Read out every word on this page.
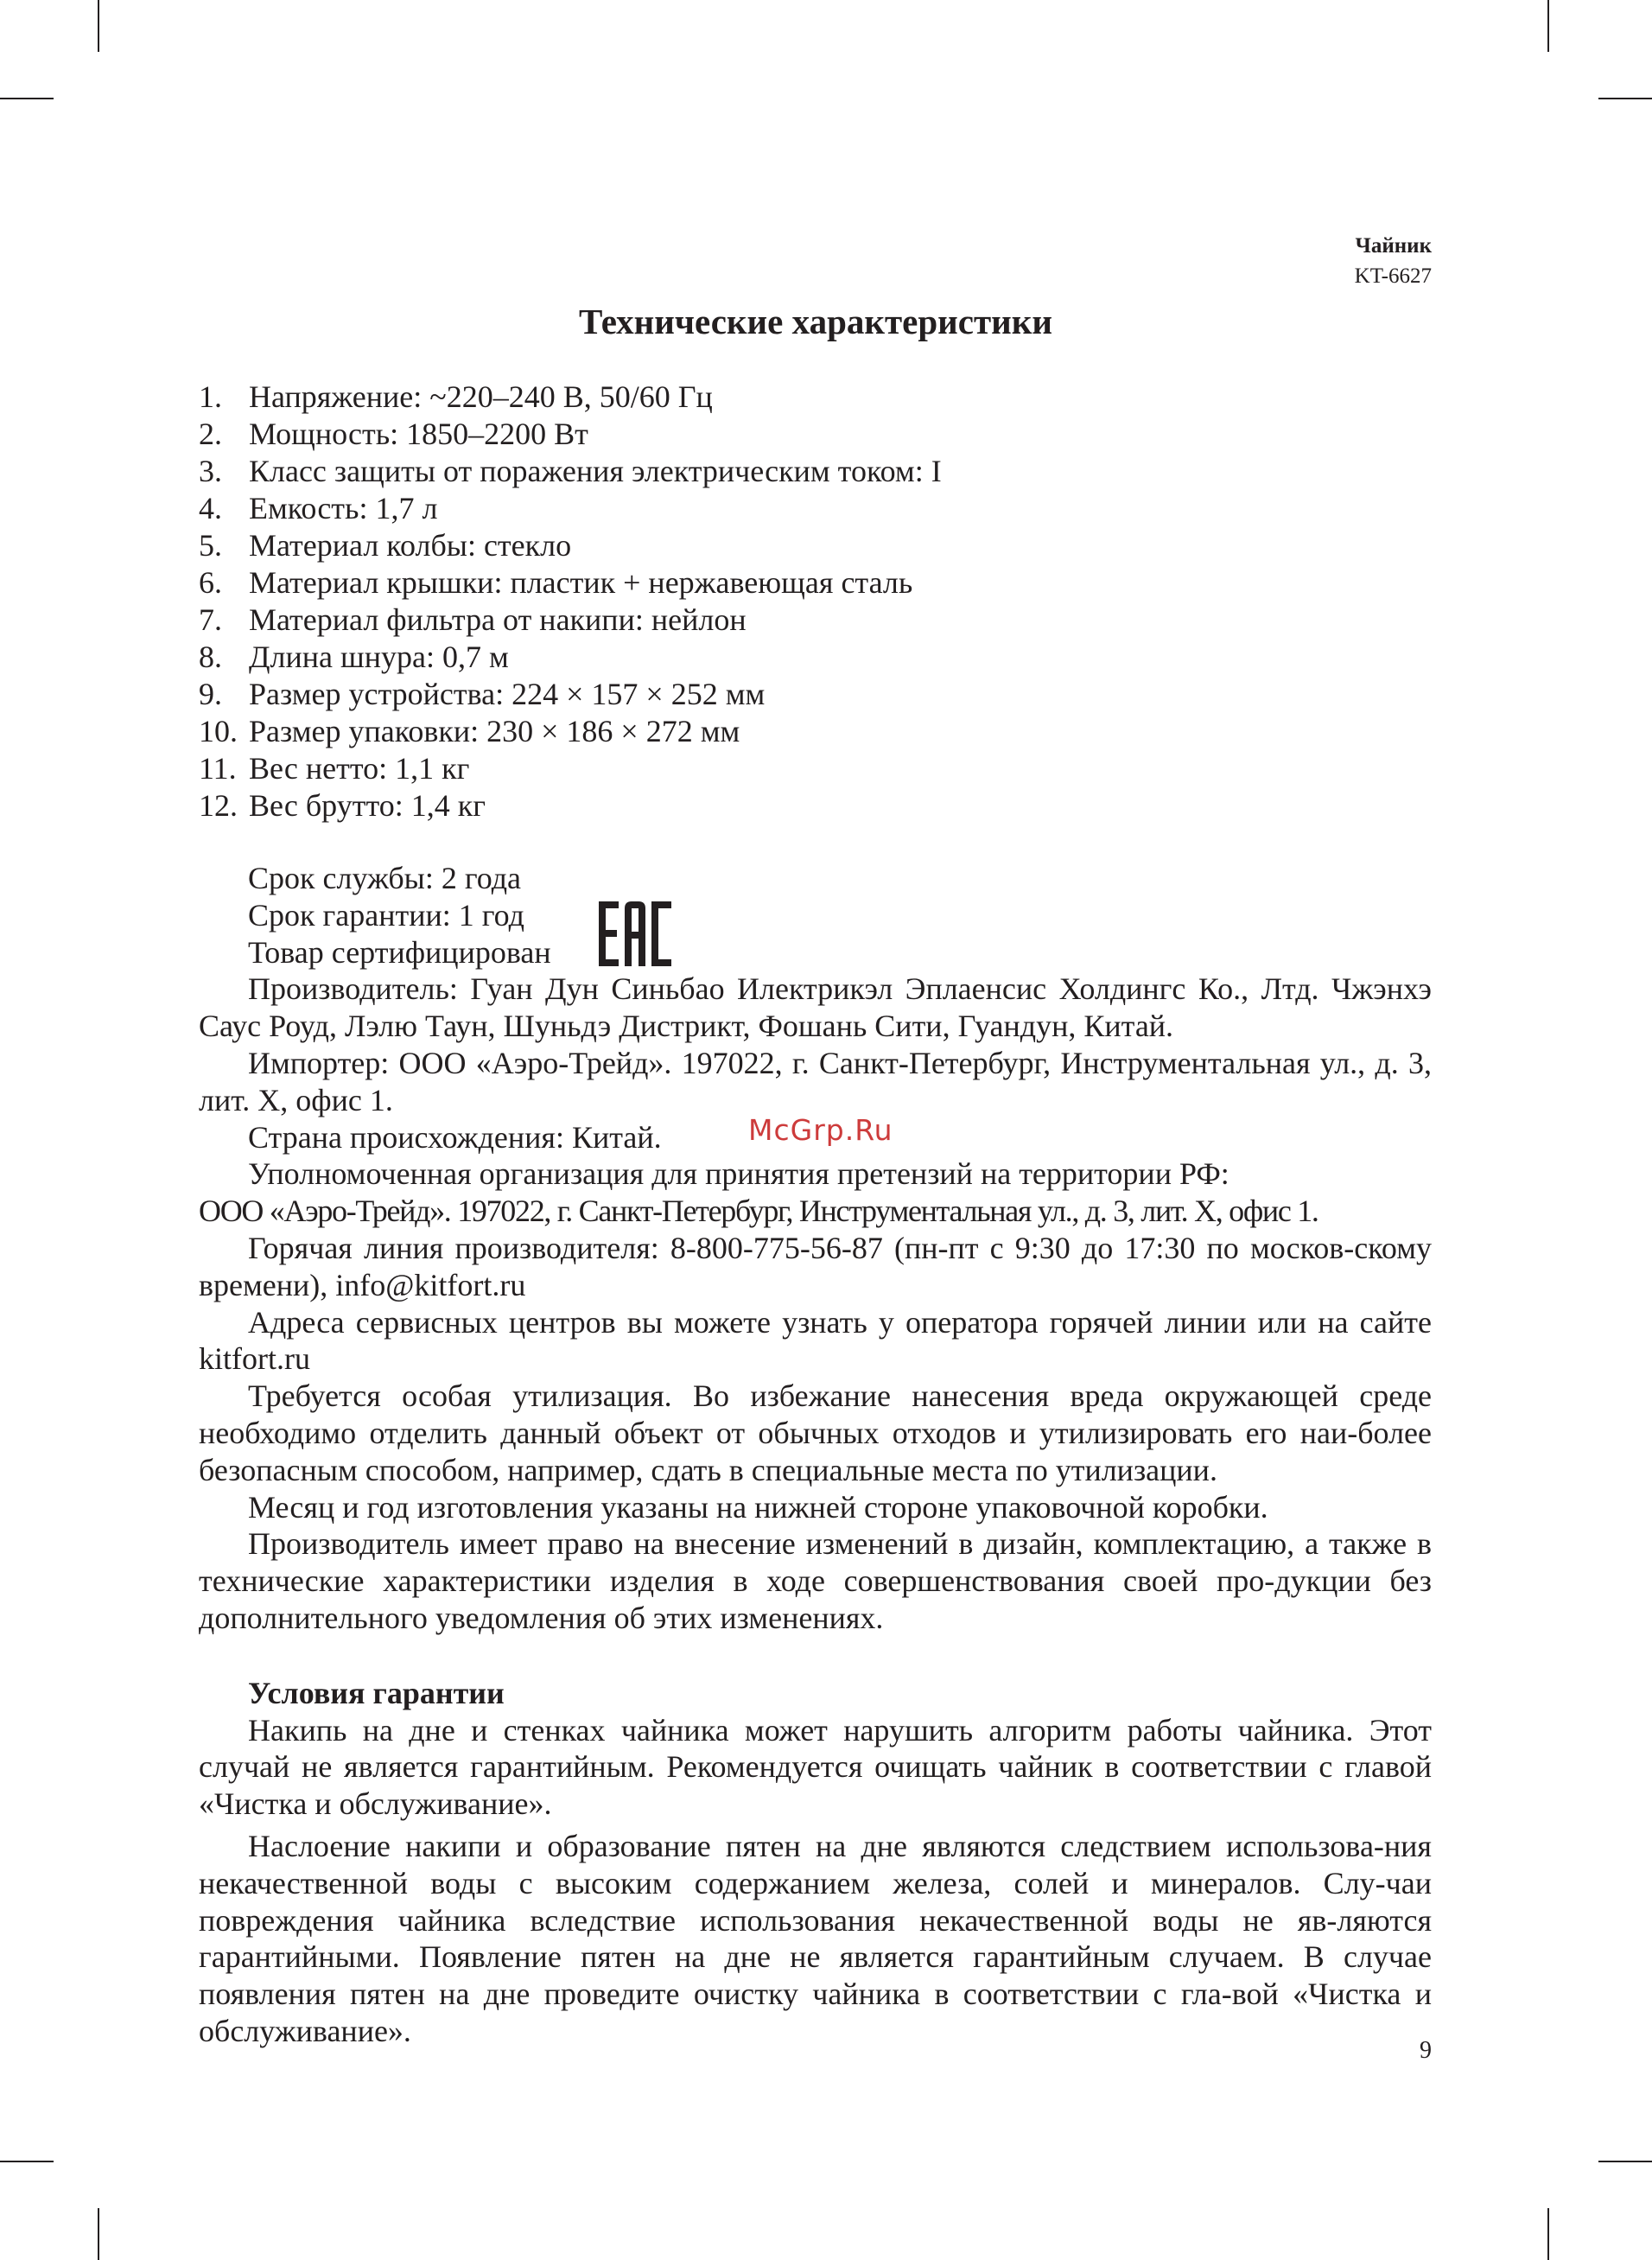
Чайник
KT-6627
Технические характеристики
1. Напряжение: ~220–240 В, 50/60 Гц
2. Мощность: 1850–2200 Вт
3. Класс защиты от поражения электрическим током: I
4. Емкость: 1,7 л
5. Материал колбы: стекло
6. Материал крышки: пластик + нержавеющая сталь
7. Материал фильтра от накипи: нейлон
8. Длина шнура: 0,7 м
9. Размер устройства: 224 × 157 × 252 мм
10. Размер упаковки: 230 × 186 × 272 мм
11. Вес нетто: 1,1 кг
12. Вес брутто: 1,4 кг

Срок службы: 2 года

Срок гарантии: 1 год

Товар сертифицирован

Производитель: Гуан Дун Синьбао Илектрикэл Эплаенсис Холдингс Ко., Лтд. Чжэнхэ Саус Роуд, Лэлю Таун, Шуньдэ Дистрикт, Фошань Сити, Гуандун, Китай.

Импортер: ООО «Аэро-Трейд». 197022, г. Санкт-Петербург, Инструментальная ул., д. 3, лит. Х, офис 1.

Страна происхождения: Китай.

Уполномоченная организация для принятия претензий на территории РФ:

ООО «Аэро-Трейд». 197022, г. Санкт-Петербург, Инструментальная ул., д. 3, лит. Х, офис 1.

Горячая линия производителя: 8-800-775-56-87 (пн-пт с 9:30 до 17:30 по москов-скому времени), info@kitfort.ru

Адреса сервисных центров вы можете узнать у оператора горячей линии или на сайте kitfort.ru

Требуется особая утилизация. Во избежание нанесения вреда окружающей среде необходимо отделить данный объект от обычных отходов и утилизировать его наи-более безопасным способом, например, сдать в специальные места по утилизации.

Месяц и год изготовления указаны на нижней стороне упаковочной коробки.

Производитель имеет право на внесение изменений в дизайн, комплектацию, а также в технические характеристики изделия в ходе совершенствования своей про-дукции без дополнительного уведомления об этих изменениях.

Условия гарантии

Накипь на дне и стенках чайника может нарушить алгоритм работы чайника. Этот случай не является гарантийным. Рекомендуется очищать чайник в соответствии с главой «Чистка и обслуживание».

Наслоение накипи и образование пятен на дне являются следствием использова-ния некачественной воды с высоким содержанием железа, солей и минералов. Слу-чаи повреждения чайника вследствие использования некачественной воды не яв-ляются гарантийными. Появление пятен на дне не является гарантийным случаем. В случае появления пятен на дне проведите очистку чайника в соответствии с гла-вой «Чистка и обслуживание».

McGrp.Ru
9
